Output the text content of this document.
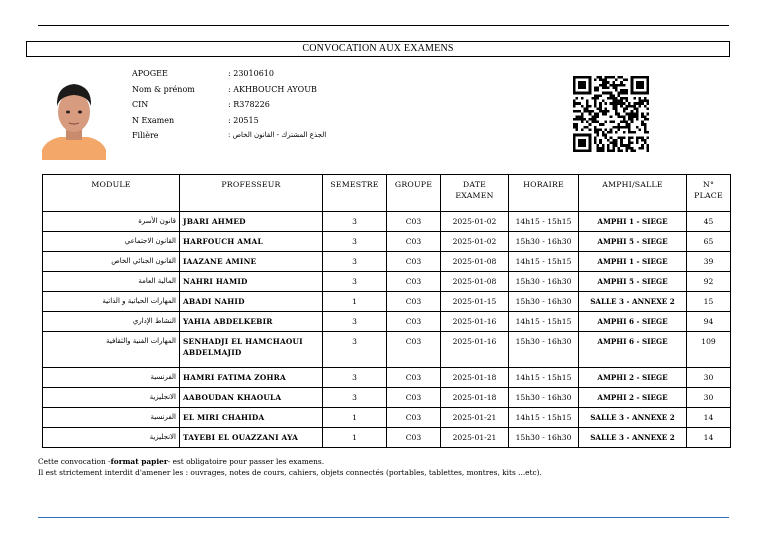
CONVOCATION AUX EXAMENS
APOGEE	: 23010610
Nom & prénom	: AKHBOUCH AYOUB
CIN	: R378226
N Examen	: 20515
Filière	الجذع المشترك - القانون الخاص :
MODULE	PROFESSEUR	SEMESTRE	GROUPE	DATE EXAMEN	HORAIRE	AMPHI/SALLE	N° PLACE
قانون الأسرة	JBARI AHMED	3	C03	2025-01-02	14h15 - 15h15	AMPHI 1 - SIEGE	45
القانون الاجتماعي	HARFOUCH AMAL	3	C03	2025-01-02	15h30 - 16h30	AMPHI 5 - SIEGE	65
القانون الجنائي الخاص	IAAZANE AMINE	3	C03	2025-01-08	14h15 - 15h15	AMPHI 1 - SIEGE	39
المالية العامة	NAHRI HAMID	3	C03	2025-01-08	15h30 - 16h30	AMPHI 5 - SIEGE	92
المهارات الحياتية و الذاتية	ABADI NAHID	1	C03	2025-01-15	15h30 - 16h30	SALLE 3 - ANNEXE 2	15
النشاط الإداري	YAHIA ABDELKEBIR	3	C03	2025-01-16	14h15 - 15h15	AMPHI 6 - SIEGE	94
المهارات الفنية والثقافية	SENHADJI EL HAMCHAOUI ABDELMAJID	3	C03	2025-01-16	15h30 - 16h30	AMPHI 6 - SIEGE	109
الفرنسية	HAMRI FATIMA ZOHRA	3	C03	2025-01-18	14h15 - 15h15	AMPHI 2 - SIEGE	30
الانجليزية	AABOUDAN KHAOULA	3	C03	2025-01-18	15h30 - 16h30	AMPHI 2 - SIEGE	30
الفرنسية	EL MIRI CHAHIDA	1	C03	2025-01-21	14h15 - 15h15	SALLE 3 - ANNEXE 2	14
الانجليزية	TAYEBI EL OUAZZANI AYA	1	C03	2025-01-21	15h30 - 16h30	SALLE 3 - ANNEXE 2	14
Cette convocation -format papier- est obligatoire pour passer les examens.
Il est strictement interdit d'amener les : ouvrages, notes de cours, cahiers, objets connectés (portables, tablettes, montres, kits ...etc).
